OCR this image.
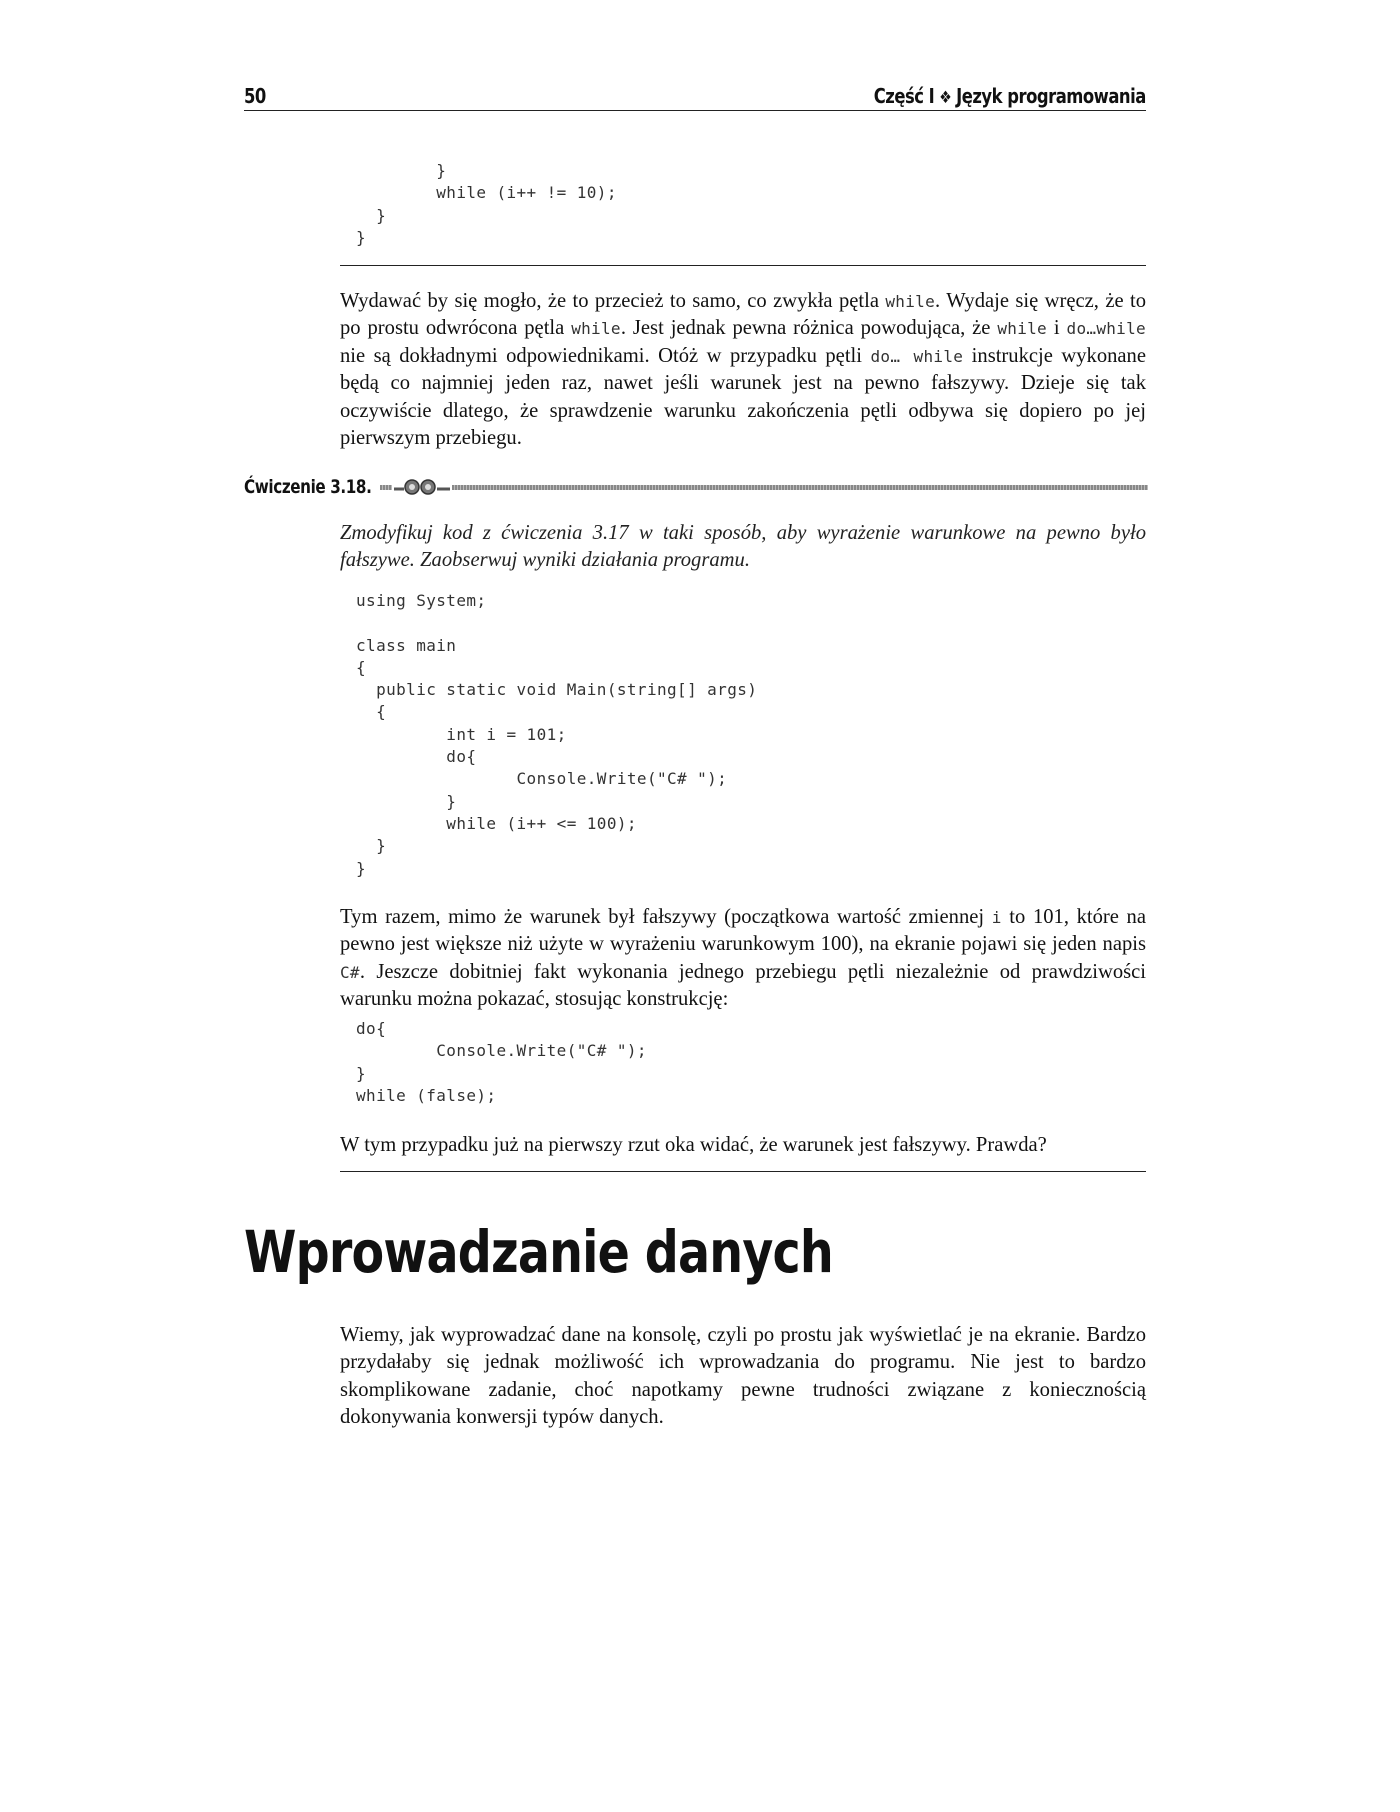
50	Część I ❖ Język programowania
}
while (i++ != 10);
}
}

Wydawać by się mogło, że to przecież to samo, co zwykła pętla while. Wydaje się wręcz, że to po prostu odwrócona pętla while. Jest jednak pewna różnica powodująca, że while i do…while nie są dokładnymi odpowiednikami. Otóż w przypadku pętli do… while instrukcje wykonane będą co najmniej jeden raz, nawet jeśli warunek jest na pewno fałszywy. Dzieje się tak oczywiście dlatego, że sprawdzenie warunku zakończenia pętli odbywa się dopiero po jej pierwszym przebiegu.

Ćwiczenie 3.18.

Zmodyfikuj kod z ćwiczenia 3.17 w taki sposób, aby wyrażenie warunkowe na pewno było fałszywe. Zaobserwuj wyniki działania programu.

using System;

class main
{
public static void Main(string[] args)
{
int i = 101;
do{
Console.Write("C# ");
}
while (i++ <= 100);
}
}

Tym razem, mimo że warunek był fałszywy (początkowa wartość zmiennej i to 101, które na pewno jest większe niż użyte w wyrażeniu warunkowym 100), na ekranie pojawi się jeden napis C#. Jeszcze dobitniej fakt wykonania jednego przebiegu pętli niezależnie od prawdziwości warunku można pokazać, stosując konstrukcję:

do{
Console.Write("C# ");
}
while (false);

W tym przypadku już na pierwszy rzut oka widać, że warunek jest fałszywy. Prawda?

Wprowadzanie danych

Wiemy, jak wyprowadzać dane na konsolę, czyli po prostu jak wyświetlać je na ekranie. Bardzo przydałaby się jednak możliwość ich wprowadzania do programu. Nie jest to bardzo skomplikowane zadanie, choć napotkamy pewne trudności związane z koniecznością dokonywania konwersji typów danych.
